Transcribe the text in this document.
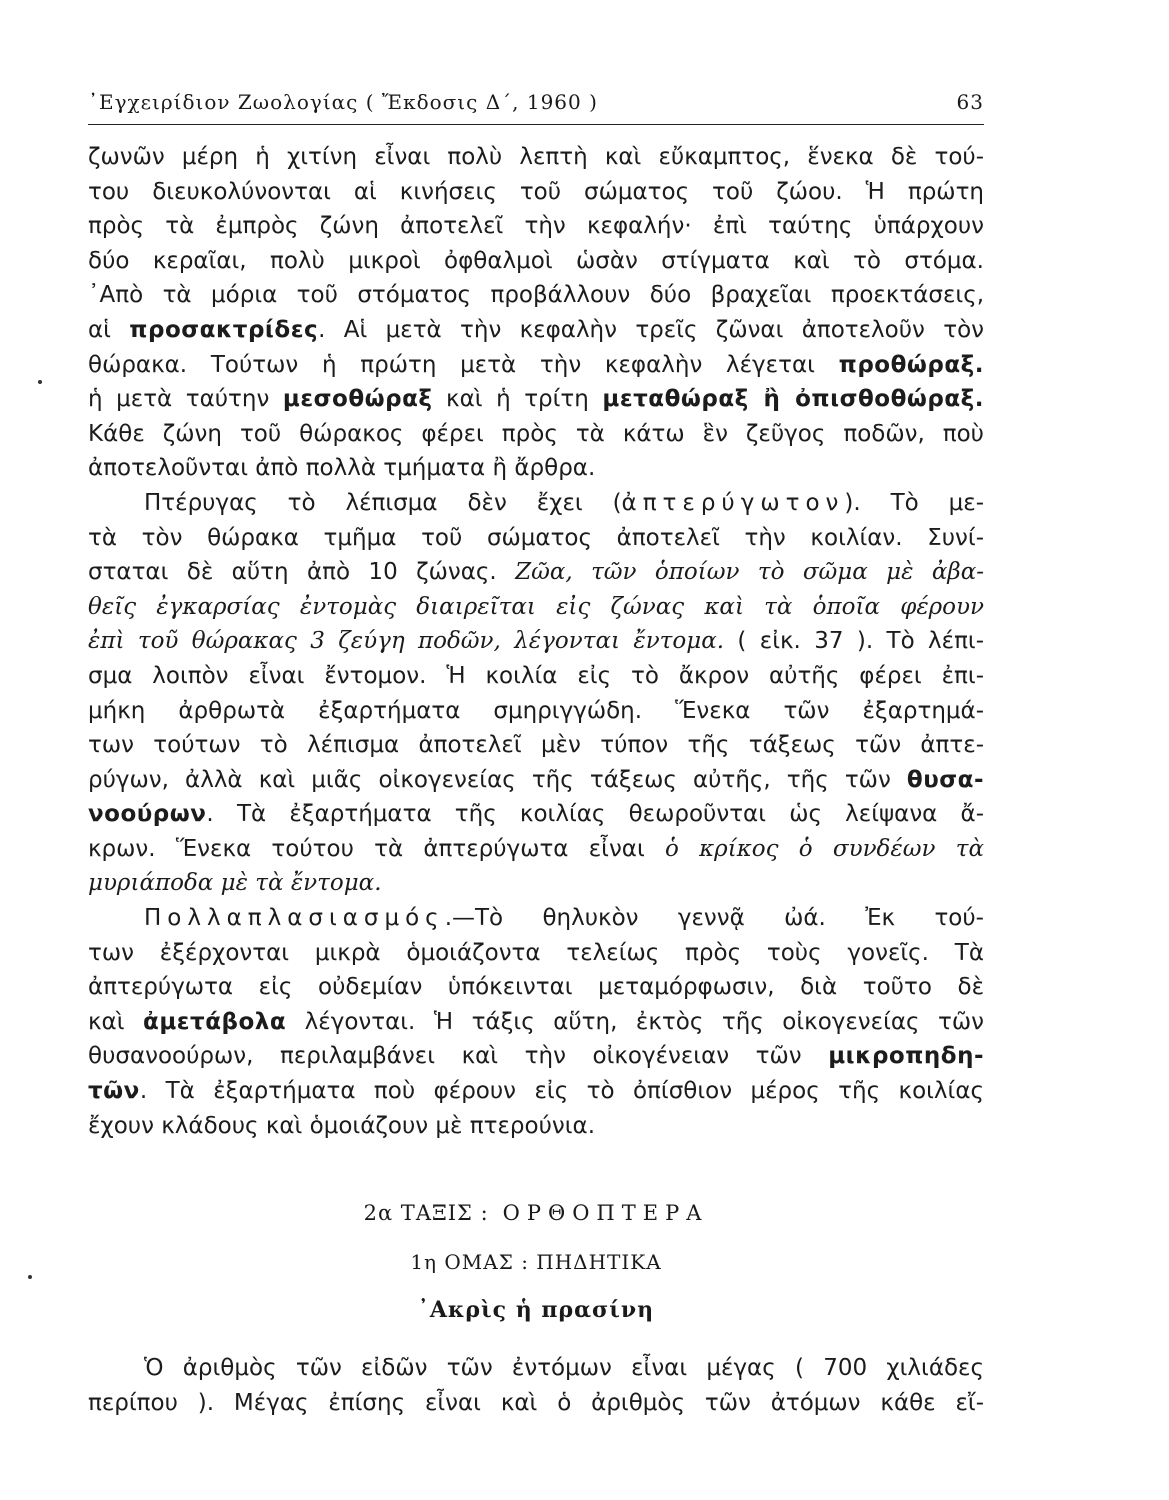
᾿Εγχειρίδιον Ζωολογίας ( Ἔκδοσις Δ΄, 1960 )	63
ζωνῶν μέρη ἡ χιτίνη εἶναι πολὺ λεπτὴ καὶ εὔκαμπτος, ἕνεκα δὲ τού-
του διευκολύνονται αἱ κινήσεις τοῦ σώματος τοῦ ζώου. Ἡ πρώτη
πρὸς τὰ ἐμπρὸς ζώνη ἀποτελεῖ τὴν κεφαλήν· ἐπὶ ταύτης ὑπάρχουν
δύο κεραῖαι, πολὺ μικροὶ ὀφθαλμοὶ ὡσὰν στίγματα καὶ τὸ στόμα.
᾿Απὸ τὰ μόρια τοῦ στόματος προβάλλουν δύο βραχεῖαι προεκτάσεις,
αἱ προσακτρίδες. Αἱ μετὰ τὴν κεφαλὴν τρεῖς ζῶναι ἀποτελοῦν τὸν
θώρακα. Τούτων ἡ πρώτη μετὰ τὴν κεφαλὴν λέγεται προθώραξ.
ἡ μετὰ ταύτην μεσοθώραξ καὶ ἡ τρίτη μεταθώραξ ἢ ὀπισθοθώραξ.
Κάθε ζώνη τοῦ θώρακος φέρει πρὸς τὰ κάτω ἓν ζεῦγος ποδῶν, ποὺ
ἀποτελοῦνται ἀπὸ πολλὰ τμήματα ἢ ἄρθρα.
Πτέρυγας τὸ λέπισμα δὲν ἔχει (ἀπτερύγωτον). Τὸ με-
τὰ τὸν θώρακα τμῆμα τοῦ σώματος ἀποτελεῖ τὴν κοιλίαν. Συνί-
σταται δὲ αὕτη ἀπὸ 10 ζώνας. Ζῶα, τῶν ὁποίων τὸ σῶμα μὲ ἀβα-
θεῖς ἐγκαρσίας ἐντομὰς διαιρεῖται εἰς ζώνας καὶ τὰ ὁποῖα φέρουν
ἐπὶ τοῦ θώρακας 3 ζεύγη ποδῶν, λέγονται ἔντομα. ( εἰκ. 37 ). Τὸ λέπι-
σμα λοιπὸν εἶναι ἔντομον. Ἡ κοιλία εἰς τὸ ἄκρον αὐτῆς φέρει ἐπι-
μήκη ἀρθρωτὰ ἐξαρτήματα σμηριγγώδη. Ἕνεκα τῶν ἐξαρτημά-
των τούτων τὸ λέπισμα ἀποτελεῖ μὲν τύπον τῆς τάξεως τῶν ἀπτε-
ρύγων, ἀλλὰ καὶ μιᾶς οἰκογενείας τῆς τάξεως αὐτῆς, τῆς τῶν θυσα-
νοούρων. Τὰ ἐξαρτήματα τῆς κοιλίας θεωροῦνται ὡς λείψανα ἄ-
κρων. Ἕνεκα τούτου τὰ ἀπτερύγωτα εἶναι ὁ κρίκος ὁ συνδέων τὰ
μυριάποδα μὲ τὰ ἔντομα.
Πολλαπλασιασμός.—Τὸ θηλυκὸν γεννᾷ ὠά. Ἐκ τού-
των ἐξέρχονται μικρὰ ὁμοιάζοντα τελείως πρὸς τοὺς γονεῖς. Τὰ
ἀπτερύγωτα εἰς οὐδεμίαν ὑπόκεινται μεταμόρφωσιν, διὰ τοῦτο δὲ
καὶ ἀμετάβολα λέγονται. Ἡ τάξις αὕτη, ἐκτὸς τῆς οἰκογενείας τῶν
θυσανοούρων, περιλαμβάνει καὶ τὴν οἰκογένειαν τῶν μικροπηδη-
τῶν. Τὰ ἐξαρτήματα ποὺ φέρουν εἰς τὸ ὀπίσθιον μέρος τῆς κοιλίας
ἔχουν κλάδους καὶ ὁμοιάζουν μὲ πτερούνια.
2α ΤΑΞΙΣ : ΟΡΘΟΠΤΕΡΑ
1η ΟΜΑΣ : ΠΗΔΗΤΙΚΑ
᾿Ακρὶς ἡ πρασίνη
Ὁ ἀριθμὸς τῶν εἰδῶν τῶν ἐντόμων εἶναι μέγας ( 700 χιλιάδες
περίπου ). Μέγας ἐπίσης εἶναι καὶ ὁ ἀριθμὸς τῶν ἀτόμων κάθε εἴ-
